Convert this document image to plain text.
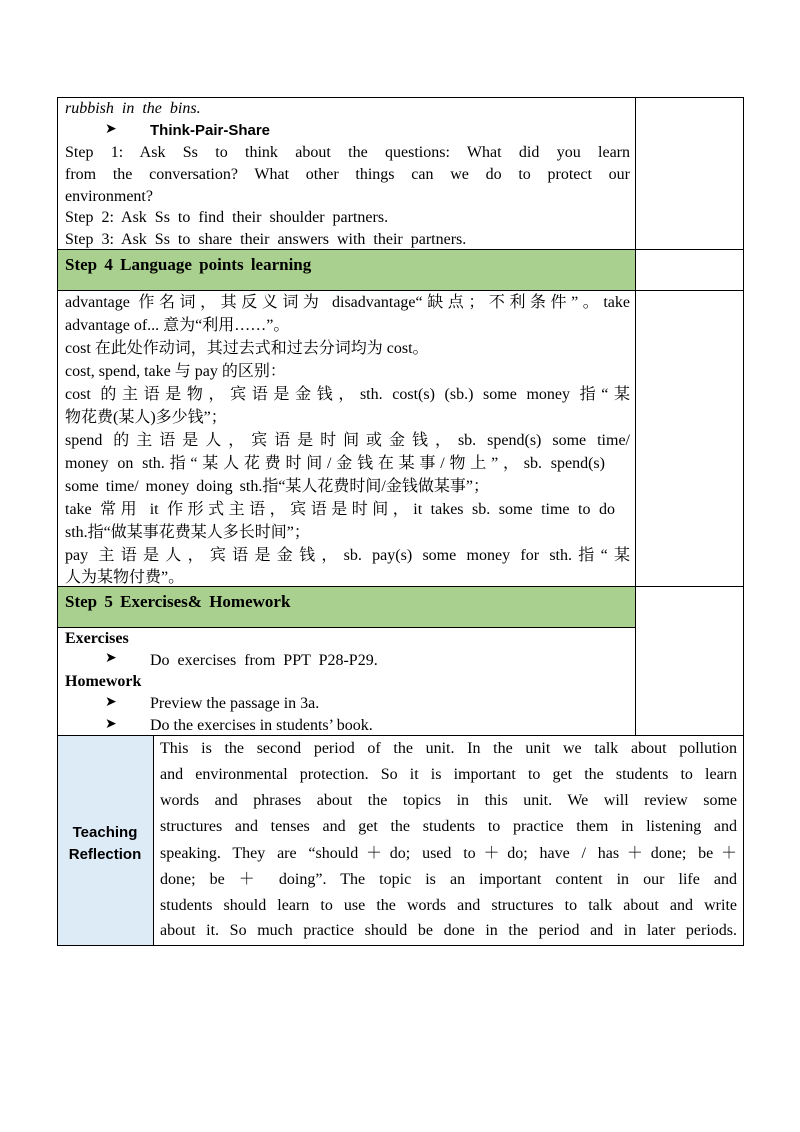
rubbish in the bins.
➤ Think-Pair-Share
Step 1: Ask Ss to think about the questions: What did you learn
from the conversation? What other things can we do to protect our
environment?
Step 2: Ask Ss to find their shoulder partners.
Step 3: Ask Ss to share their answers with their partners.
Step 4 Language points learning
advantage 作名词，其反义词为 disadvantage“缺点；不利条件”。take
advantage of... 意为“利用……”。
cost 在此处作动词，其过去式和过去分词均为 cost。
cost, spend, take 与 pay 的区别：
cost 的主语是物，宾语是金钱，sth. cost(s) (sb.) some money 指“某
物花费(某人)多少钱”；
spend 的主语是人，宾语是时间或金钱，sb. spend(s) some time/
money on sth.指“某人花费时间/金钱在某事/物上”，sb. spend(s)
some time/ money doing sth.指“某人花费时间/金钱做某事”；
take 常用 it 作形式主语，宾语是时间，it takes sb. some time to do
sth.指“做某事花费某人多长时间”；
pay 主语是人，宾语是金钱，sb. pay(s) some money for sth.指“某
人为某物付费”。
Step 5 Exercises& Homework
Exercises
➤ Do exercises from PPT P28-P29.
Homework
➤ Preview the passage in 3a.
➤ Do the exercises in students’ book.
Teaching
Reflection
This is the second period of the unit. In the unit we talk about pollution
and environmental protection. So it is important to get the students to learn
words and phrases about the topics in this unit. We will review some
structures and tenses and get the students to practice them in listening and
speaking. They are “should＋do; used to＋do; have / has＋done; be＋
done; be ＋ doing”. The topic is an important content in our life and
students should learn to use the words and structures to talk about and write
about it. So much practice should be done in the period and in later periods.
